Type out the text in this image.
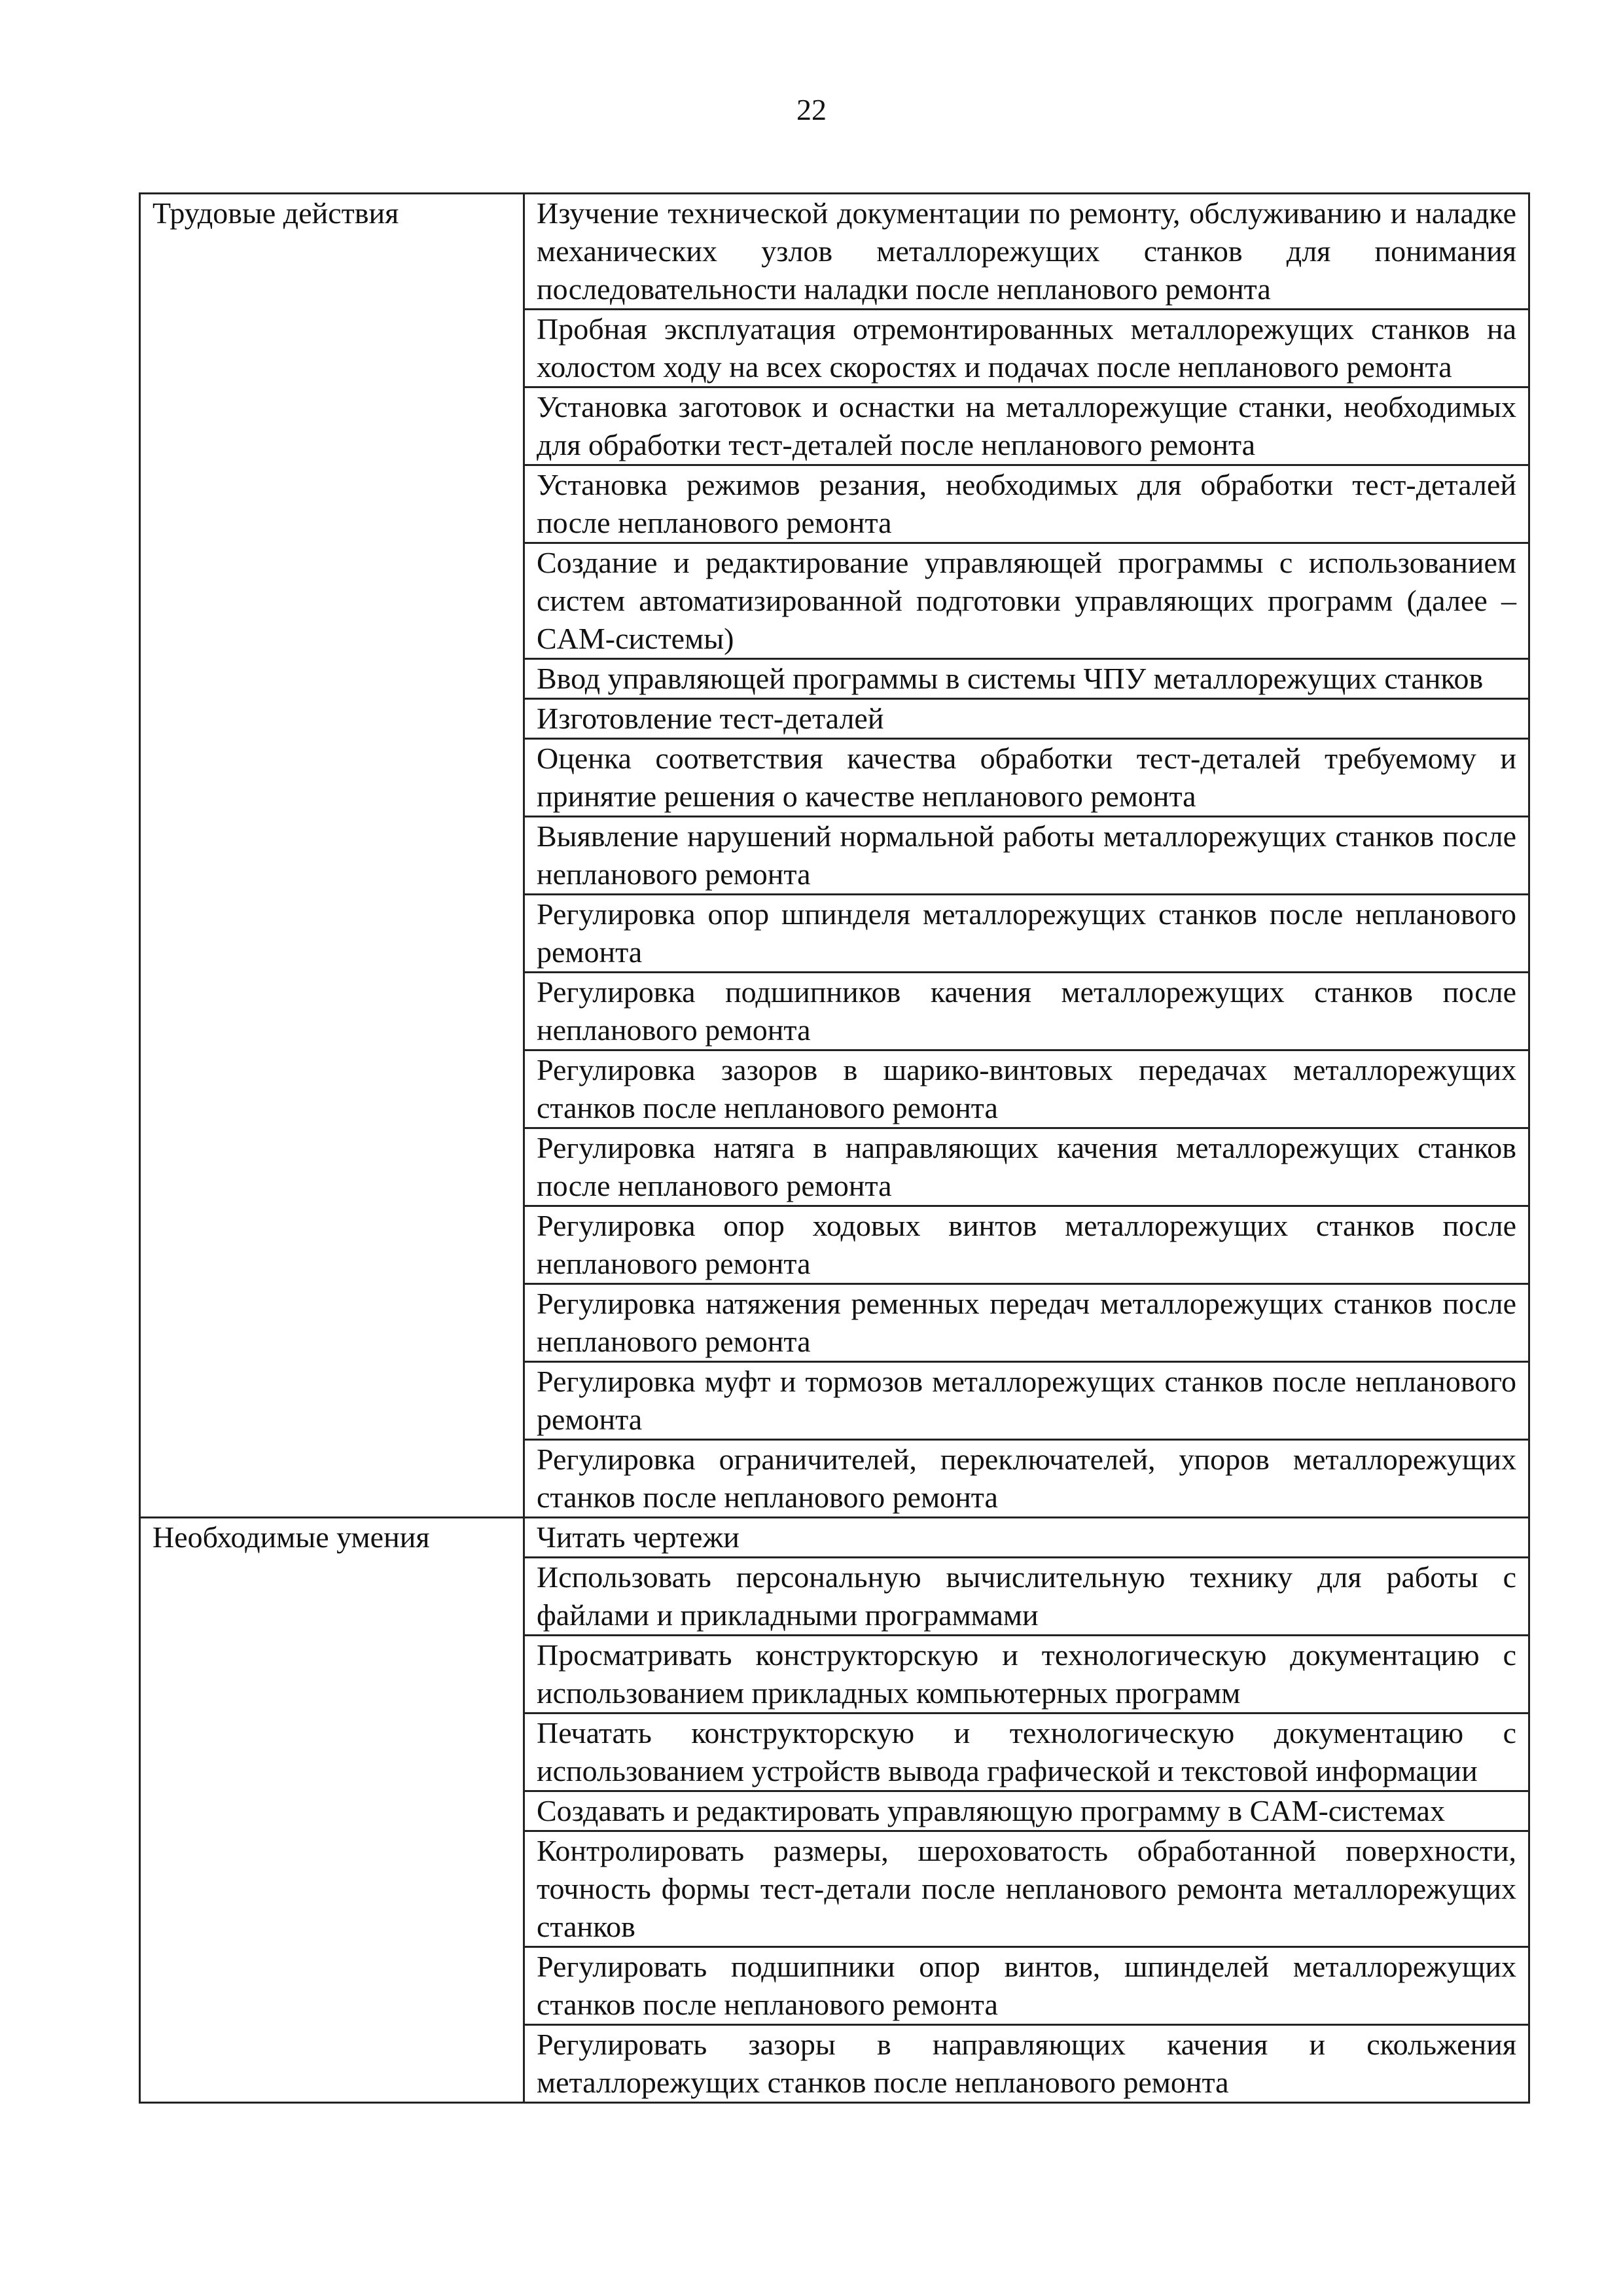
22
Трудовые действия	Изучение технической документации по ремонту, обслуживанию и наладке механических узлов металлорежущих станков для понимания последовательности наладки после непланового ремонта
	Пробная эксплуатация отремонтированных металлорежущих станков на холостом ходу на всех скоростях и подачах после непланового ремонта
	Установка заготовок и оснастки на металлорежущие станки, необходимых для обработки тест-деталей после непланового ремонта
	Установка режимов резания, необходимых для обработки тест-деталей после непланового ремонта
	Создание и редактирование управляющей программы с использованием систем автоматизированной подготовки управляющих программ (далее – CAM-системы)
	Ввод управляющей программы в системы ЧПУ металлорежущих станков
	Изготовление тест-деталей
	Оценка соответствия качества обработки тест-деталей требуемому и принятие решения о качестве непланового ремонта
	Выявление нарушений нормальной работы металлорежущих станков после непланового ремонта
	Регулировка опор шпинделя металлорежущих станков после непланового ремонта
	Регулировка подшипников качения металлорежущих станков после непланового ремонта
	Регулировка зазоров в шарико-винтовых передачах металлорежущих станков после непланового ремонта
	Регулировка натяга в направляющих качения металлорежущих станков после непланового ремонта
	Регулировка опор ходовых винтов металлорежущих станков после непланового ремонта
	Регулировка натяжения ременных передач металлорежущих станков после непланового ремонта
	Регулировка муфт и тормозов металлорежущих станков после непланового ремонта
	Регулировка ограничителей, переключателей, упоров металлорежущих станков после непланового ремонта
Необходимые умения	Читать чертежи
	Использовать персональную вычислительную технику для работы с файлами и прикладными программами
	Просматривать конструкторскую и технологическую документацию с использованием прикладных компьютерных программ
	Печатать конструкторскую и технологическую документацию с использованием устройств вывода графической и текстовой информации
	Создавать и редактировать управляющую программу в CAM-системах
	Контролировать размеры, шероховатость обработанной поверхности, точность формы тест-детали после непланового ремонта металлорежущих станков
	Регулировать подшипники опор винтов, шпинделей металлорежущих станков после непланового ремонта
	Регулировать зазоры в направляющих качения и скольжения металлорежущих станков после непланового ремонта
